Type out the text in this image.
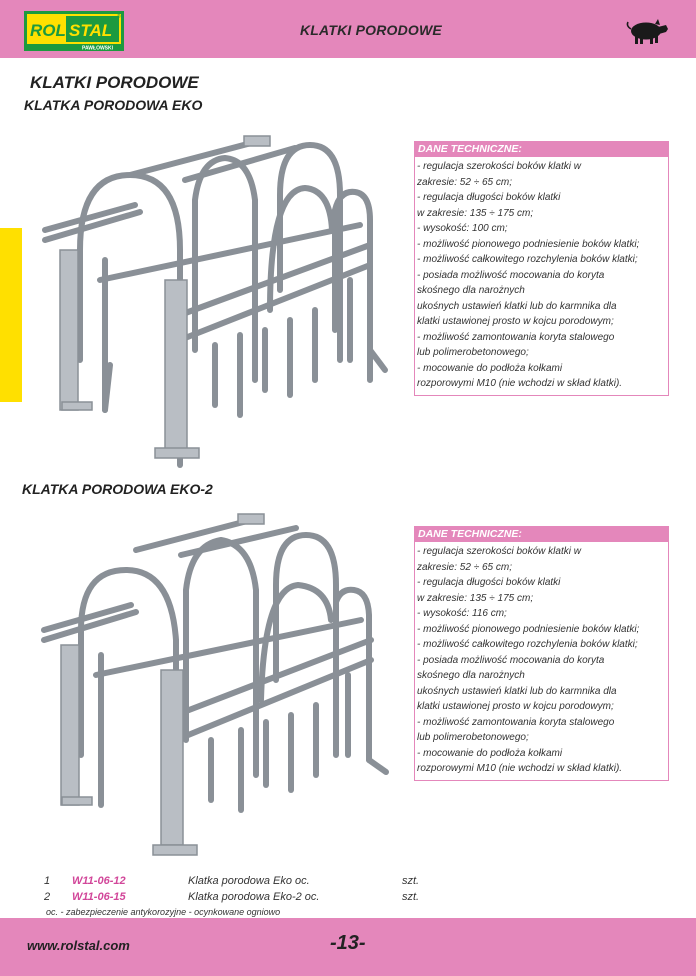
ROL STAL
PAWŁOWSKI
®
KLATKI PORODOWE
KLATKI PORODOWE
KLATKA PORODOWA EKO
DANE TECHNICZNE:
- regulacja szerokości boków klatki w
zakresie: 52 ÷ 65 cm;
- regulacja długości boków klatki
w zakresie: 135 ÷ 175 cm;
- wysokość: 100 cm;
- możliwość pionowego podniesienie boków klatki;
- możliwość całkowitego rozchylenia boków klatki;
- posiada możliwość mocowania do koryta
skośnego dla narożnych
ukośnych ustawień klatki lub do karmnika dla
klatki ustawionej prosto w kojcu porodowym;
- możliwość zamontowania koryta stalowego
lub polimerobetonowego;
- mocowanie do podłoża kołkami
rozporowymi M10 (nie wchodzi w skład klatki).
KLATKA PORODOWA EKO-2
DANE TECHNICZNE:
- regulacja szerokości boków klatki w
zakresie: 52 ÷ 65 cm;
- regulacja długości boków klatki
w zakresie: 135 ÷ 175 cm;
- wysokość: 116 cm;
- możliwość pionowego podniesienie boków klatki;
- możliwość całkowitego rozchylenia boków klatki;
- posiada możliwość mocowania do koryta
skośnego dla narożnych
ukośnych ustawień klatki lub do karmnika dla
klatki ustawionej prosto w kojcu porodowym;
- możliwość zamontowania koryta stalowego
lub polimerobetonowego;
- mocowanie do podłoża kołkami
rozporowymi M10 (nie wchodzi w skład klatki).
1 W11-06-12	Klatka porodowa Eko oc.	szt.
2 W11-06-15	Klatka porodowa Eko-2 oc.	szt.
oc. - zabezpieczenie antykorozyjne - ocynkowane ogniowo
www.rolstal.com	-13-
